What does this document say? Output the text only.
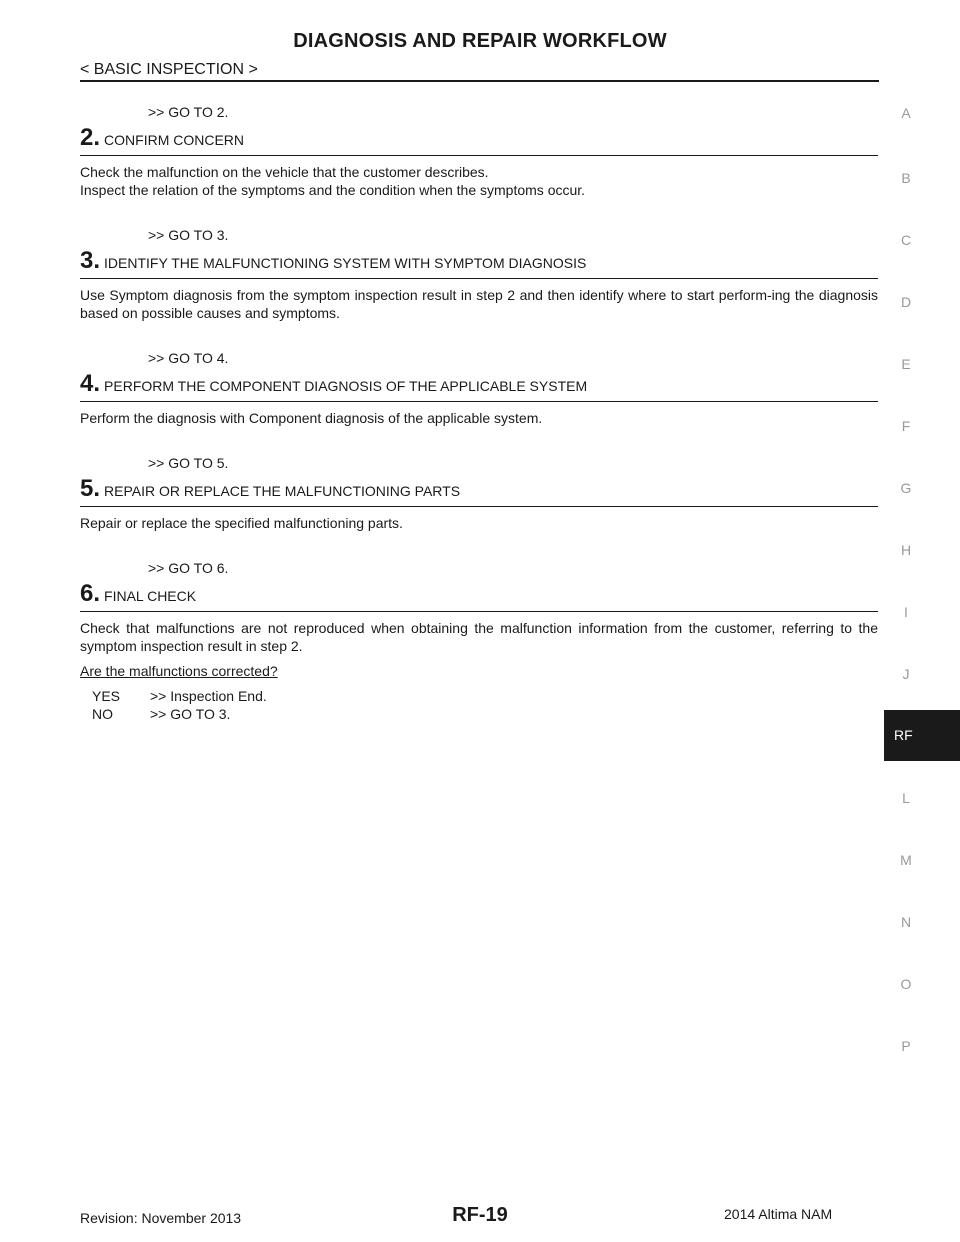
DIAGNOSIS AND REPAIR WORKFLOW
< BASIC INSPECTION >
>> GO TO 2.
2 . CONFIRM CONCERN
Check the malfunction on the vehicle that the customer describes.
Inspect the relation of the symptoms and the condition when the symptoms occur.
>> GO TO 3.
3 . IDENTIFY THE MALFUNCTIONING SYSTEM WITH SYMPTOM DIAGNOSIS
Use Symptom diagnosis from the symptom inspection result in step 2 and then identify where to start perform-ing the diagnosis based on possible causes and symptoms.
>> GO TO 4.
4 . PERFORM THE COMPONENT DIAGNOSIS OF THE APPLICABLE SYSTEM
Perform the diagnosis with Component diagnosis of the applicable system.
>> GO TO 5.
5 . REPAIR OR REPLACE THE MALFUNCTIONING PARTS
Repair or replace the specified malfunctioning parts.
>> GO TO 6.
6 . FINAL CHECK
Check that malfunctions are not reproduced when obtaining the malfunction information from the customer, referring to the symptom inspection result in step 2.
Are the malfunctions corrected?
YES	>> Inspection End.
NO	>> GO TO 3.
A
B
C
D
E
F
G
H
I
J
RF
L
M
N
O
P
Revision: November 2013	RF-19	2014 Altima NAM
